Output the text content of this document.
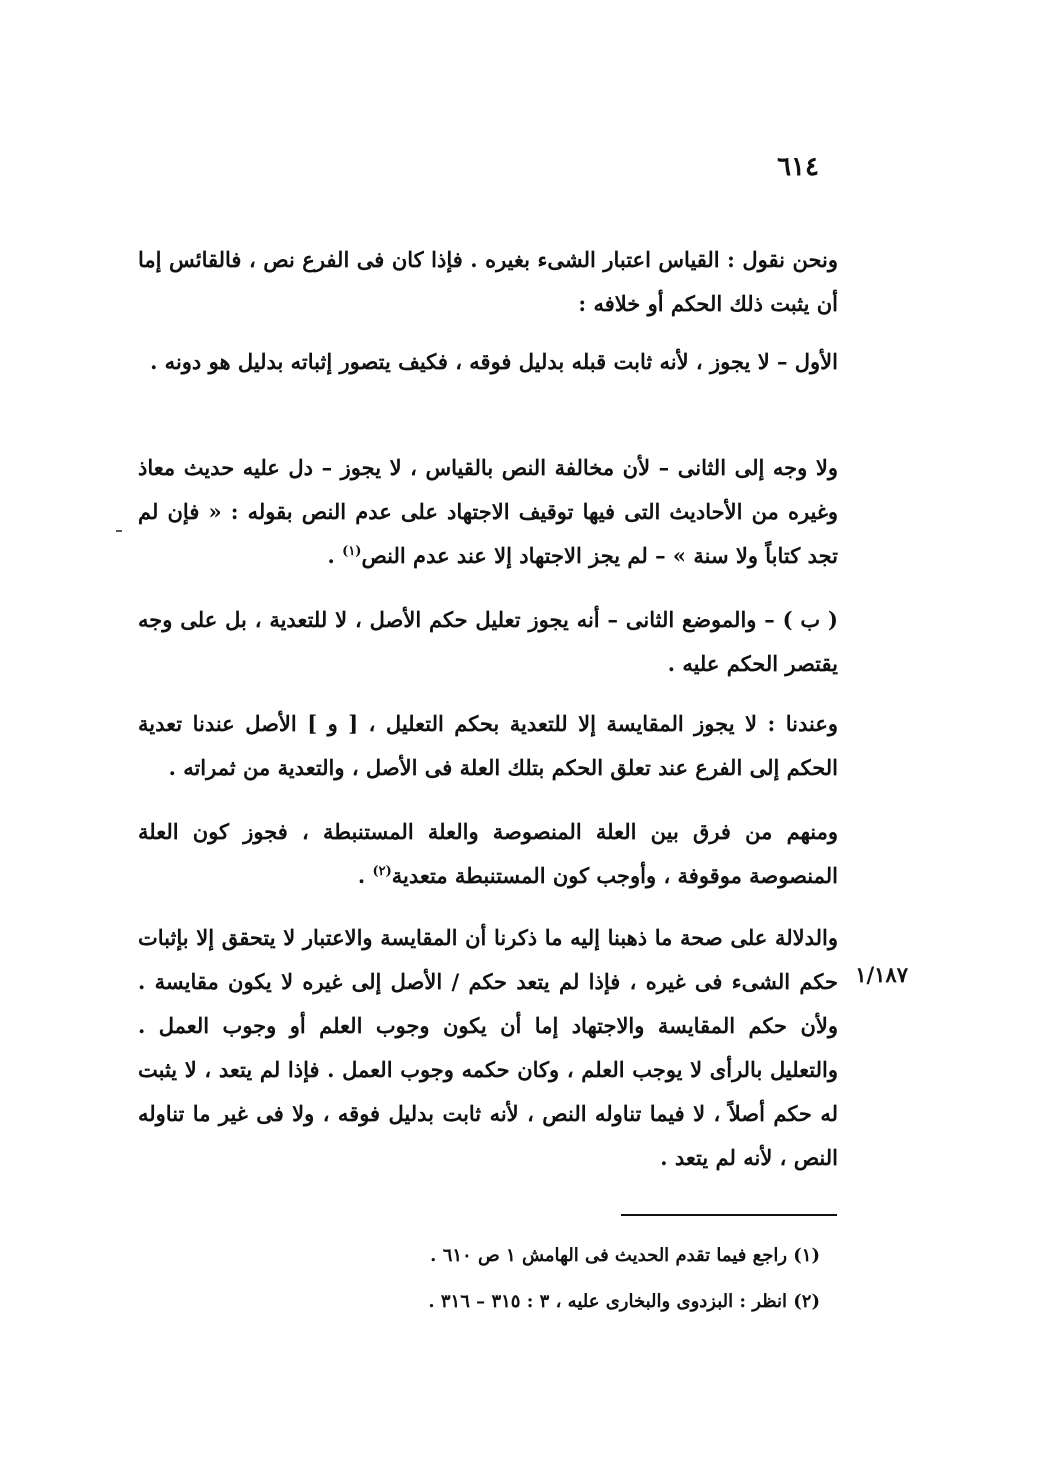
٦١٤

ونحن نقول : القياس اعتبار الشىء بغيره . فإذا كان فى الفرع نص ، فالقائس إما أن يثبت ذلك الحكم أو خلافه :

الأول – لا يجوز ، لأنه ثابت قبله بدليل فوقه ، فكيف يتصور إثباته بدليل هو دونه .

ولا وجه إلى الثانى – لأن مخالفة النص بالقياس ، لا يجوز – دل عليه حديث معاذ وغيره من الأحاديث التى فيها توقيف الاجتهاد على عدم النص بقوله : « فإن لم تجد كتاباً ولا سنة » – لم يجز الاجتهاد إلا عند عدم النص$^{(١)}$ .

( ب ) – والموضع الثانى – أنه يجوز تعليل حكم الأصل ، لا للتعدية ، بل على وجه يقتصر الحكم عليه .

وعندنا : لا يجوز المقايسة إلا للتعدية بحكم التعليل ، [ و ] الأصل عندنا تعدية الحكم إلى الفرع عند تعلق الحكم بتلك العلة فى الأصل ، والتعدية من ثمراته .

ومنهم من فرق بين العلة المنصوصة والعلة المستنبطة ، فجوز كون العلة المنصوصة موقوفة ، وأوجب كون المستنبطة متعدية$^{(٢)}$ .

والدلالة على صحة ما ذهبنا إليه ما ذكرنا أن المقايسة والاعتبار لا يتحقق إلا بإثبات حكم الشىء فى غيره ، فإذا لم يتعد حكم / الأصل إلى غيره لا يكون مقايسة . ولأن حكم المقايسة والاجتهاد إما أن يكون وجوب العلم أو وجوب العمل . والتعليل بالرأى لا يوجب العلم ، وكان حكمه وجوب العمل . فإذا لم يتعد ، لا يثبت له حكم أصلاً ، لا فيما تناوله النص ، لأنه ثابت بدليل فوقه ، ولا فى غير ما تناوله النص ، لأنه لم يتعد .

١/١٨٧
(١) راجع فيما تقدم الحديث فى الهامش ١ ص ٦١٠ .
(٢) انظر : البزدوى والبخارى عليه ، ٣ : ٣١٥ – ٣١٦ .
